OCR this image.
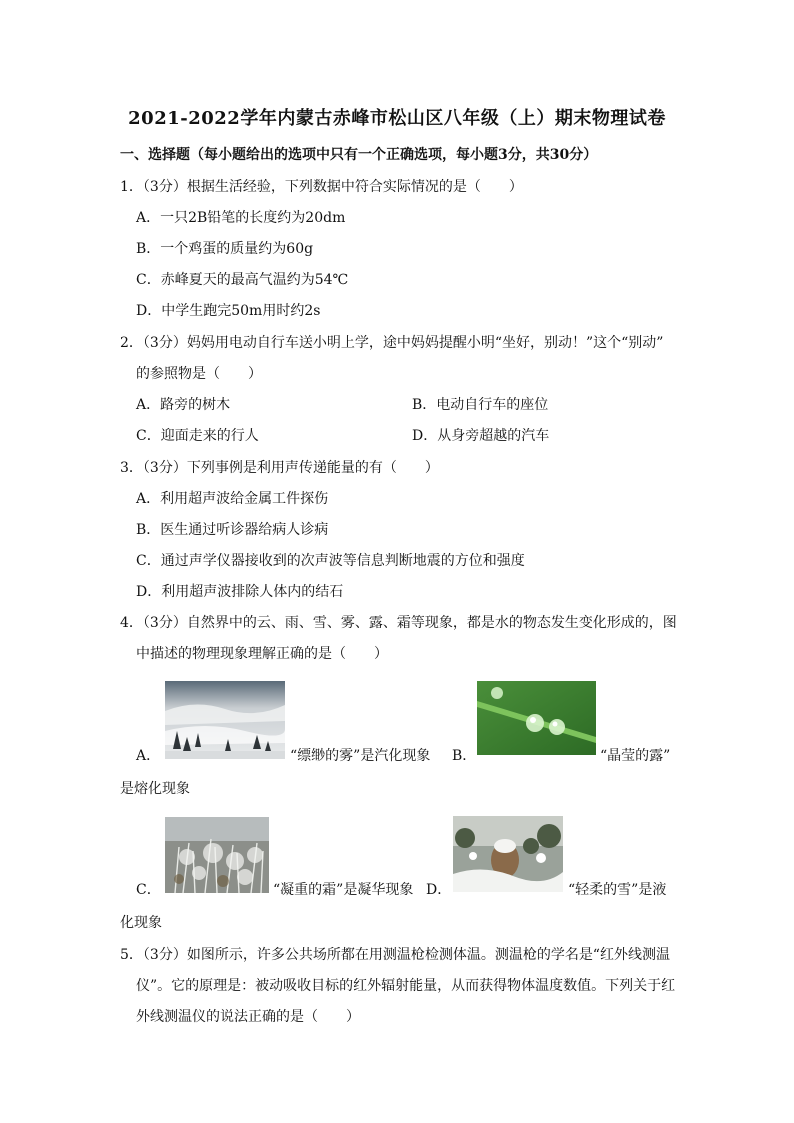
2021-2022学年内蒙古赤峰市松山区八年级（上）期末物理试卷
一、选择题（每小题给出的选项中只有一个正确选项，每小题3分，共30分）
1．（3分）根据生活经验，下列数据中符合实际情况的是（　　）
A．一只2B铅笔的长度约为20dm
B．一个鸡蛋的质量约为60g
C．赤峰夏天的最高气温约为54℃
D．中学生跑完50m用时约2s
2．（3分）妈妈用电动自行车送小明上学，途中妈妈提醒小明“坐好，别动！”这个“别动”
的参照物是（　　）
A．路旁的树木	B．电动自行车的座位
C．迎面走来的行人	D．从身旁超越的汽车
3．（3分）下列事例是利用声传递能量的有（　　）
A．利用超声波给金属工件探伤
B．医生通过听诊器给病人诊病
C．通过声学仪器接收到的次声波等信息判断地震的方位和强度
D．利用超声波排除人体内的结石
4．（3分）自然界中的云、雨、雪、雾、露、霜等现象，都是水的物态发生变化形成的，图
中描述的物理现象理解正确的是（　　）
A．	“缥缈的雾”是汽化现象 B．	“晶莹的露”
是熔化现象
C．	“凝重的霜”是凝华现象 D．	“轻柔的雪”是液
化现象
5．（3分）如图所示，许多公共场所都在用测温枪检测体温。测温枪的学名是“红外线测温
仪”。它的原理是：被动吸收目标的红外辐射能量，从而获得物体温度数值。下列关于红
外线测温仪的说法正确的是（　　）
